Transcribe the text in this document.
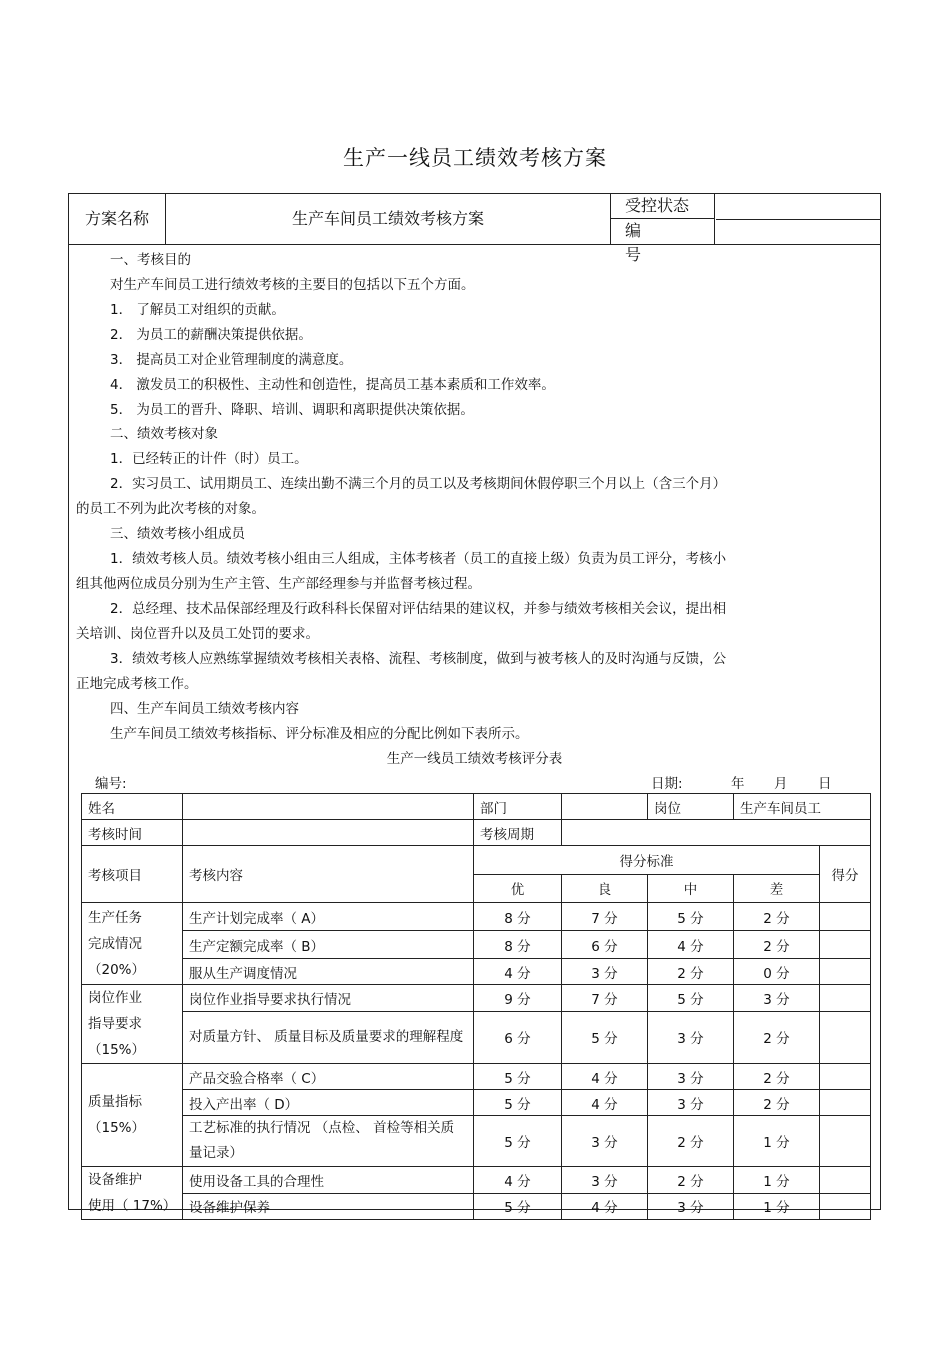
生产一线员工绩效考核方案
方案名称	生产车间员工绩效考核方案
受控状态
编号
一、考核目的
对生产车间员工进行绩效考核的主要目的包括以下五个方面。
1． 了解员工对组织的贡献。
2． 为员工的薪酬决策提供依据。
3． 提高员工对企业管理制度的满意度。
4． 激发员工的积极性、主动性和创造性，提高员工基本素质和工作效率。
5． 为员工的晋升、降职、培训、调职和离职提供决策依据。
二、绩效考核对象
1．已经转正的计件（时）员工。
2．实习员工、试用期员工、连续出勤不满三个月的员工以及考核期间休假停职三个月以上（含三个月）
的员工不列为此次考核的对象。
三、绩效考核小组成员
1．绩效考核人员。绩效考核小组由三人组成，主体考核者（员工的直接上级）负责为员工评分，考核小
组其他两位成员分别为生产主管、生产部经理参与并监督考核过程。
2．总经理、技术品保部经理及行政科科长保留对评估结果的建议权，并参与绩效考核相关会议，提出相
关培训、岗位晋升以及员工处罚的要求。
3．绩效考核人应熟练掌握绩效考核相关表格、流程、考核制度，做到与被考核人的及时沟通与反馈，公
正地完成考核工作。
四、生产车间员工绩效考核内容
生产车间员工绩效考核指标、评分标准及相应的分配比例如下表所示。
生产一线员工绩效考核评分表
编号:	日期:	年 月 日
姓名		部门		岗位	生产车间员工	
考核时间		考核周期				
考核项目	考核内容	得分标准				得分
		优	良	中	差	

生产任务
完成情况
（20%）	生产计划完成率（ A）	8 分	7 分	5 分	2 分	
	生产定额完成率（ B）	8 分	6 分	4 分	2 分	
	服从生产调度情况	4 分	3 分	2 分	0 分	

岗位作业
指导要求
（15%）	岗位作业指导要求执行情况	9 分	7 分	5 分	3 分	
	对质量方针、 质量目标及质量要求的理解程度	6 分	5 分	3 分	2 分	

质量指标
（15%）	产品交验合格率（ C）	5 分	4 分	3 分	2 分	
	投入产出率（ D）	5 分	4 分	3 分	2 分	
	工艺标准的执行情况 （点检、 首检等相关质量记录）	5 分	3 分	2 分	1 分	

设备维护
使用（ 17%）	使用设备工具的合理性	4 分	3 分	2 分	1 分	
	设备维护保养	5 分	4 分	3 分	1 分	
